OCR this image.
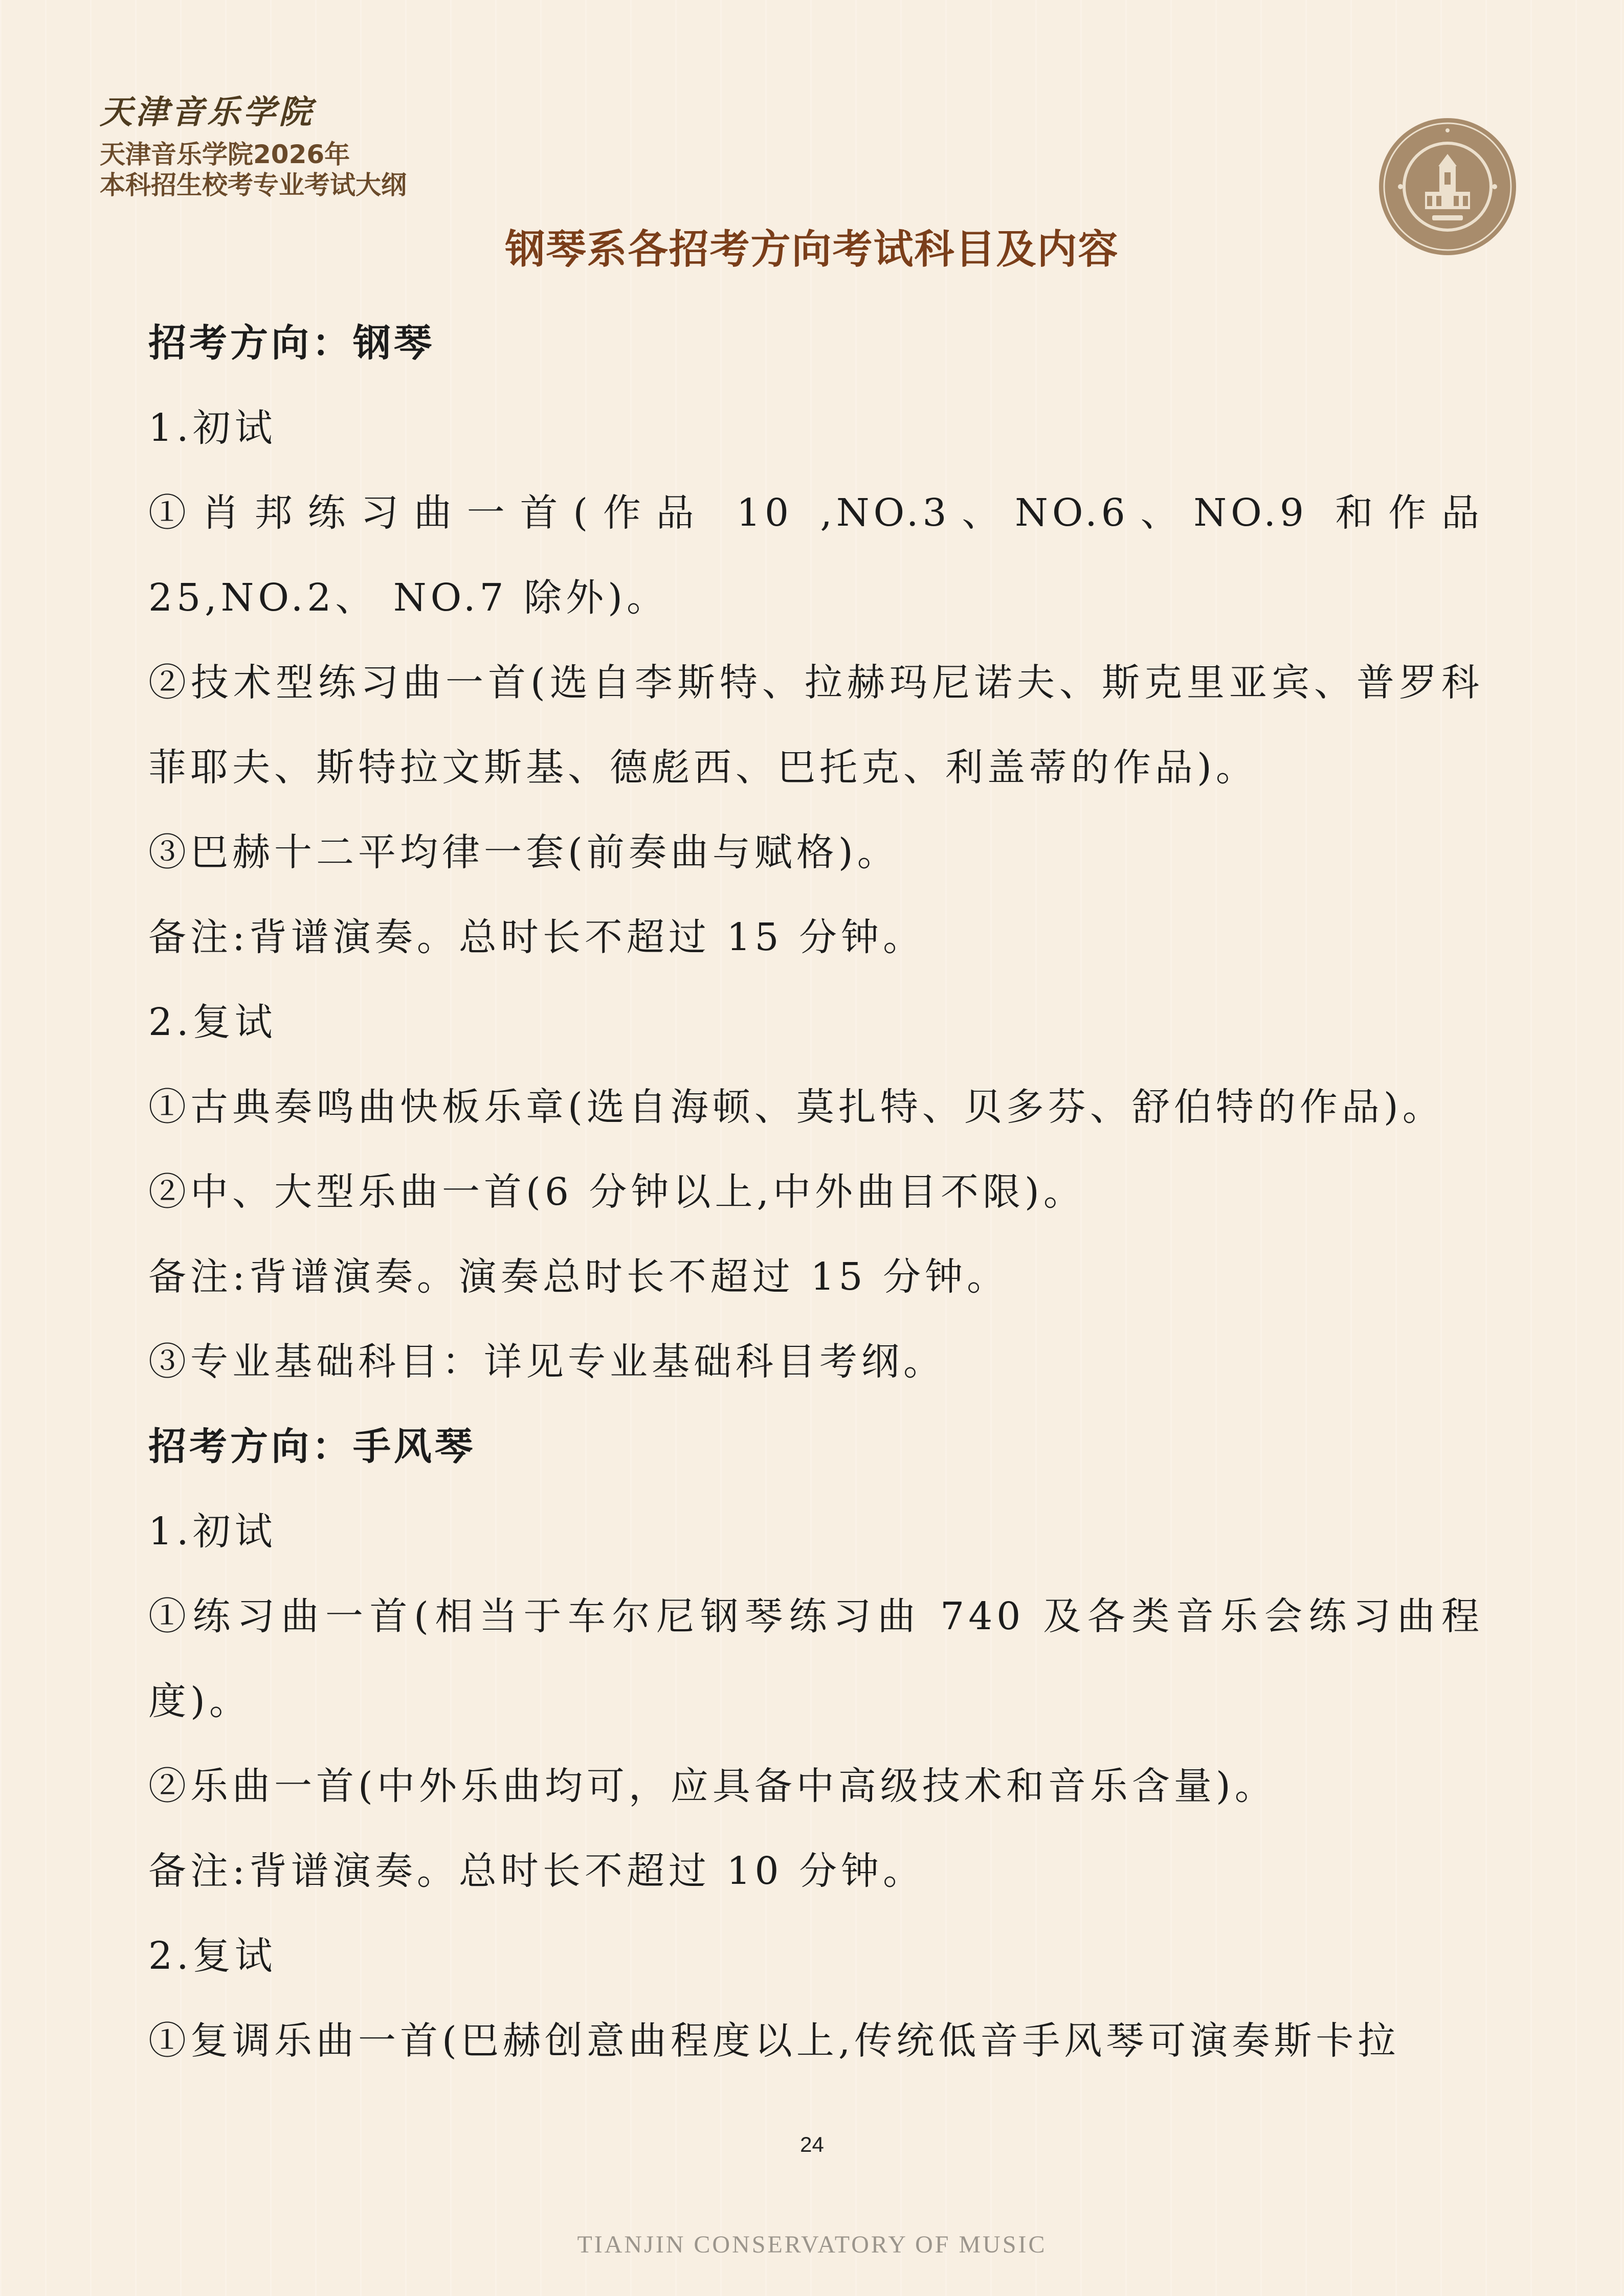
天津音乐学院
天津音乐学院2026年
本科招生校考专业考试大纲
钢琴系各招考方向考试科目及内容

招考方向：钢琴

1.初试

①肖邦练习曲一首(作品 10 ,NO.3、NO.6、NO.9 和作品 25,NO.2、 NO.7 除外)。

②技术型练习曲一首(选自李斯特、拉赫玛尼诺夫、斯克里亚宾、普罗科菲耶夫、斯特拉文斯基、德彪西、巴托克、利盖蒂的作品)。

③巴赫十二平均律一套(前奏曲与赋格)。

备注:背谱演奏。总时长不超过 15 分钟。

2.复试

①古典奏鸣曲快板乐章(选自海顿、莫扎特、贝多芬、舒伯特的作品)。

②中、大型乐曲一首(6 分钟以上,中外曲目不限)。

备注:背谱演奏。演奏总时长不超过 15 分钟。

③专业基础科目：详见专业基础科目考纲。

招考方向：手风琴

1.初试

①练习曲一首(相当于车尔尼钢琴练习曲 740 及各类音乐会练习曲程度)。

②乐曲一首(中外乐曲均可，应具备中高级技术和音乐含量)。

备注:背谱演奏。总时长不超过 10 分钟。

2.复试

①复调乐曲一首(巴赫创意曲程度以上,传统低音手风琴可演奏斯卡拉

24
TIANJIN CONSERVATORY OF MUSIC
